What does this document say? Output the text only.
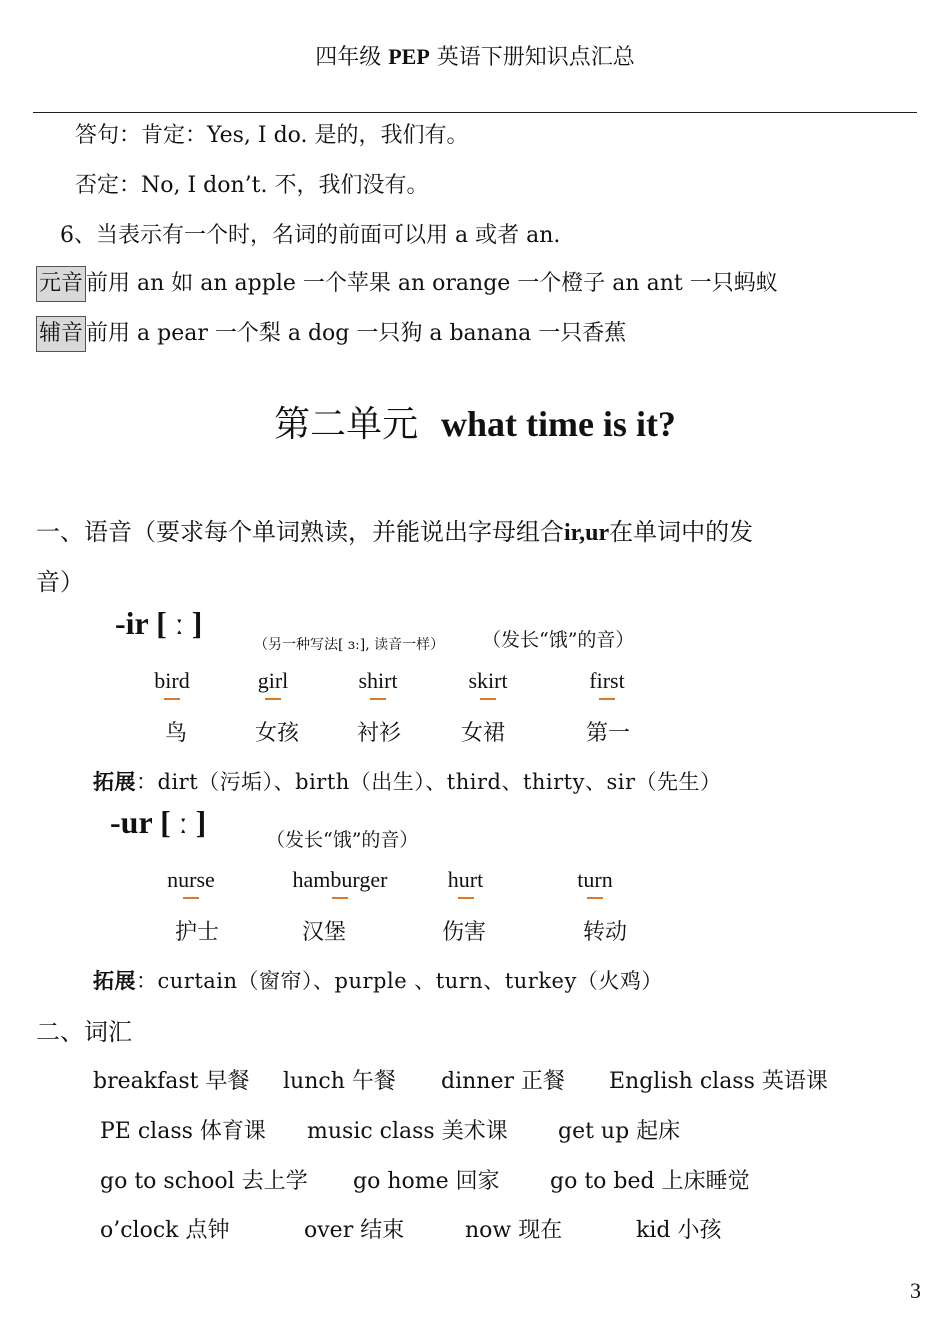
四年级 PEP 英语下册知识点汇总
答句：肯定：Yes, I do. 是的，我们有。
否定：No, I don’t. 不，我们没有。
6、当表示有一个时，名词的前面可以用 a 或者 an.
元音 前用 an 如 an apple 一个苹果 an orange 一个橙子 an ant 一只蚂蚁
辅音 前用 a pear 一个梨 a dog 一只狗 a banana 一只香蕉
第二单元 what time is it?
一、语音（要求每个单词熟读，并能说出字母组合ir,ur在单词中的发
音）
-ir [ ː ]
（另一种写法[ ɜː], 读音一样） （发长“饿”的音）
bird	girl	shirt	skirt	first
鸟	女孩	衬衫	女裙	第一
拓展：dirt（污垢）、birth（出生）、third、thirty、sir（先生）
-ur [ ː ]	（发长“饿”的音）
nurse	hamburger	hurt	turn
护士	汉堡	伤害	转动
拓展：curtain（窗帘）、purple 、turn、turkey（火鸡）
二、词汇
breakfast 早餐 lunch 午餐 dinner 正餐 English class 英语课
PE class 体育课 music class 美术课 get up 起床
go to school 去上学 go home 回家 go to bed 上床睡觉
o’clock 点钟	over 结束	now 现在	kid 小孩
3
